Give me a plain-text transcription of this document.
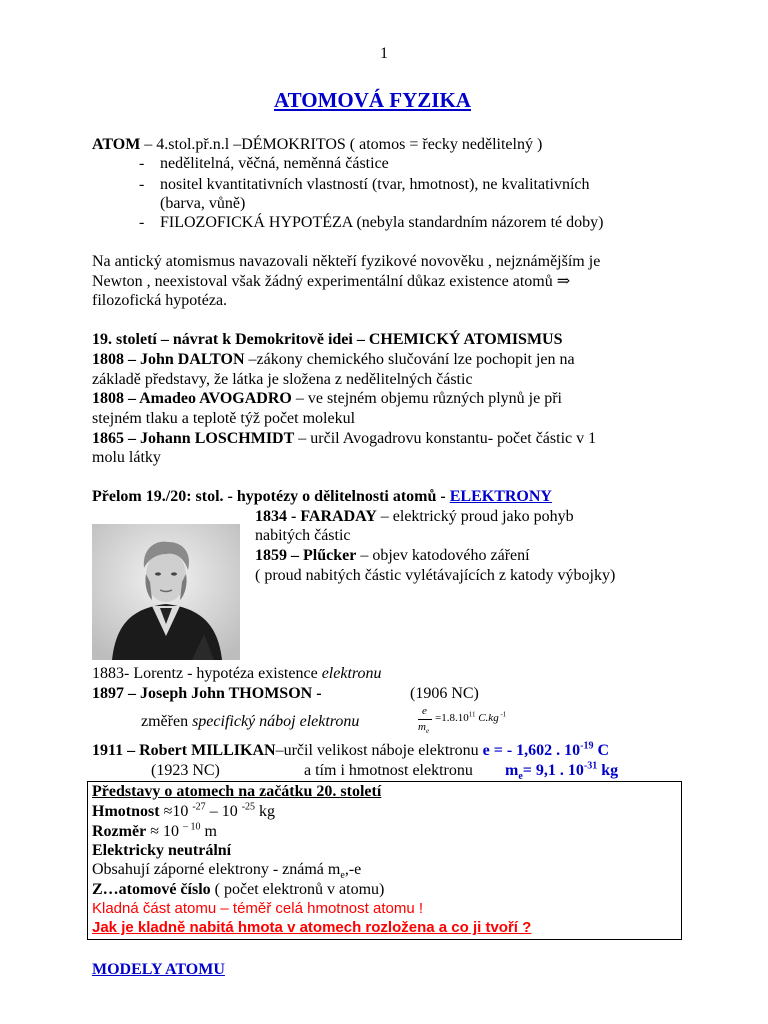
1
ATOMOVÁ FYZIKA
ATOM – 4.stol.př.n.l –DÉMOKRITOS ( atomos = řecky nedělitelný )
- nedělitelná, věčná, neměnná částice
- nositel kvantitativních vlastností (tvar, hmotnost), ne kvalitativních
(barva, vůně)
- FILOZOFICKÁ HYPOTÉZA (nebyla standardním názorem té doby)
Na antický atomismus navazovali někteří fyzikové novověku , nejznámějším je
Newton , neexistoval však žádný experimentální důkaz existence atomů ⇒
filozofická hypotéza.
19. století – návrat k Demokritově idei – CHEMICKÝ ATOMISMUS
1808 – John DALTON –zákony chemického slučování lze pochopit jen na
základě představy, že látka je složena z nedělitelných částic
1808 – Amadeo AVOGADRO – ve stejném objemu různých plynů je při
stejném tlaku a teplotě týž počet molekul
1865 – Johann LOSCHMIDT – určil Avogadrovu konstantu- počet částic v 1
molu látky
Přelom 19./20: stol. - hypotézy o dělitelnosti atomů - ELEKTRONY
1834 - FARADAY – elektrický proud jako pohyb
nabitých částic
1859 – Plűcker – objev katodového záření
( proud nabitých částic vylétávajících z katody výbojky)
1883- Lorentz - hypotéza existence elektronu
1897 – Joseph John THOMSON -	(1906 NC)
změřen specifický náboj elektronu
e
$m_e$
$=1.8.10^{11}$ C.kg $^{-1}$
1911 – Robert MILLIKAN–určil velikost náboje elektronu e = - 1,602 . $10^{-19}$ C
(1923 NC)	a tím i hmotnost elektronu $m_e= 9,1$ . $10^{-31}$ kg
Představy o atomech na začátku 20. století
Hmotnost ≈10 $^{-27}$ – 10 $^{-25}$ kg
Rozměr ≈ 10 $^{- 10}$ m
Elektricky neutrální
Obsahují záporné elektrony - známá $m_e,-e$
Z…atomové číslo ( počet elektronů v atomu)
Kladná část atomu – téměř celá hmotnost atomu !
Jak je kladně nabitá hmota v atomech rozložena a co ji tvoří ?
MODELY ATOMU
